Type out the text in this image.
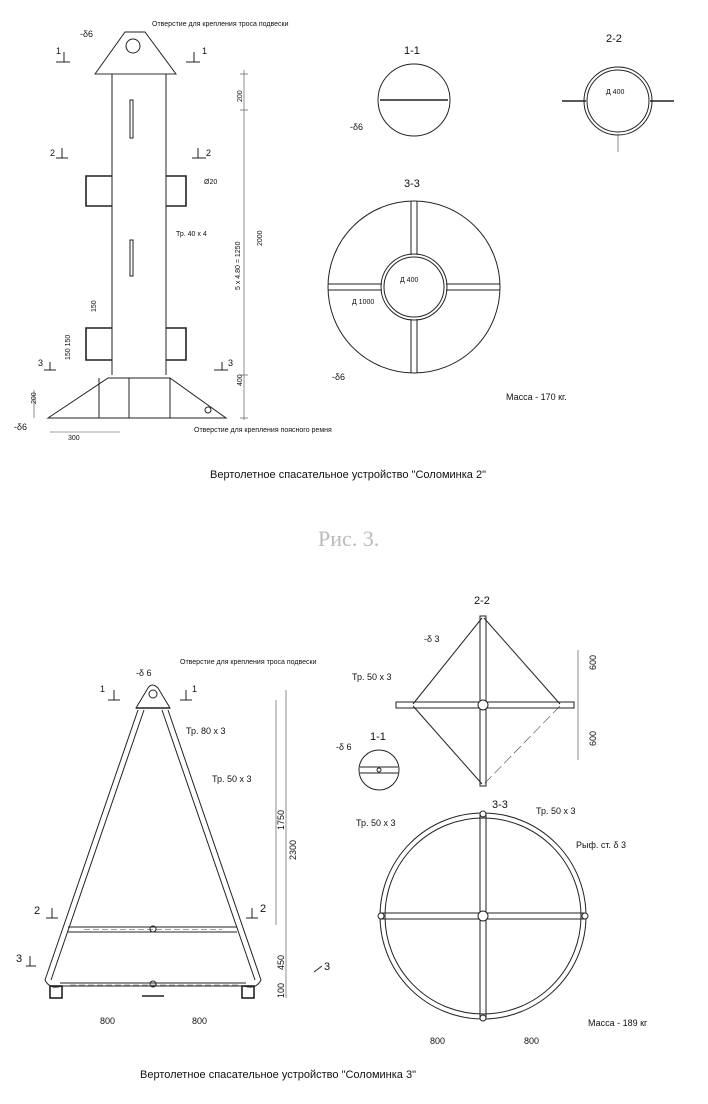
Отверстие для крепления троса подвески
-δ6
1	1
2	2
3	3
Ø20
Тр. 40 x 4
200
5 x 4.80 = 1250
2000
400
150
150 150
200
-δ6
300
Отверстие для крепления поясного ремня
1-1
-δ6
2-2
Д 400
3-3
Д 400
Д 1000
-δ6
Масса - 170 кг.
Вертолетное спасательное устройство "Соломинка 2"
Рис. 3.
Отверстие для крепления троса подвески
-δ 6
1	1
Тр. 80 x 3
Тр. 50 x 3
1750
2300
450
100
2	2
3
3
800	800
2-2
-δ 3
Тр. 50 x 3
600
600
1-1
-δ 6
3-3
Тр. 50 x 3
Тр. 50 x 3
Рыф. ст. δ 3
800	800
Масса - 189 кг
Вертолетное спасательное устройство "Соломинка 3"
